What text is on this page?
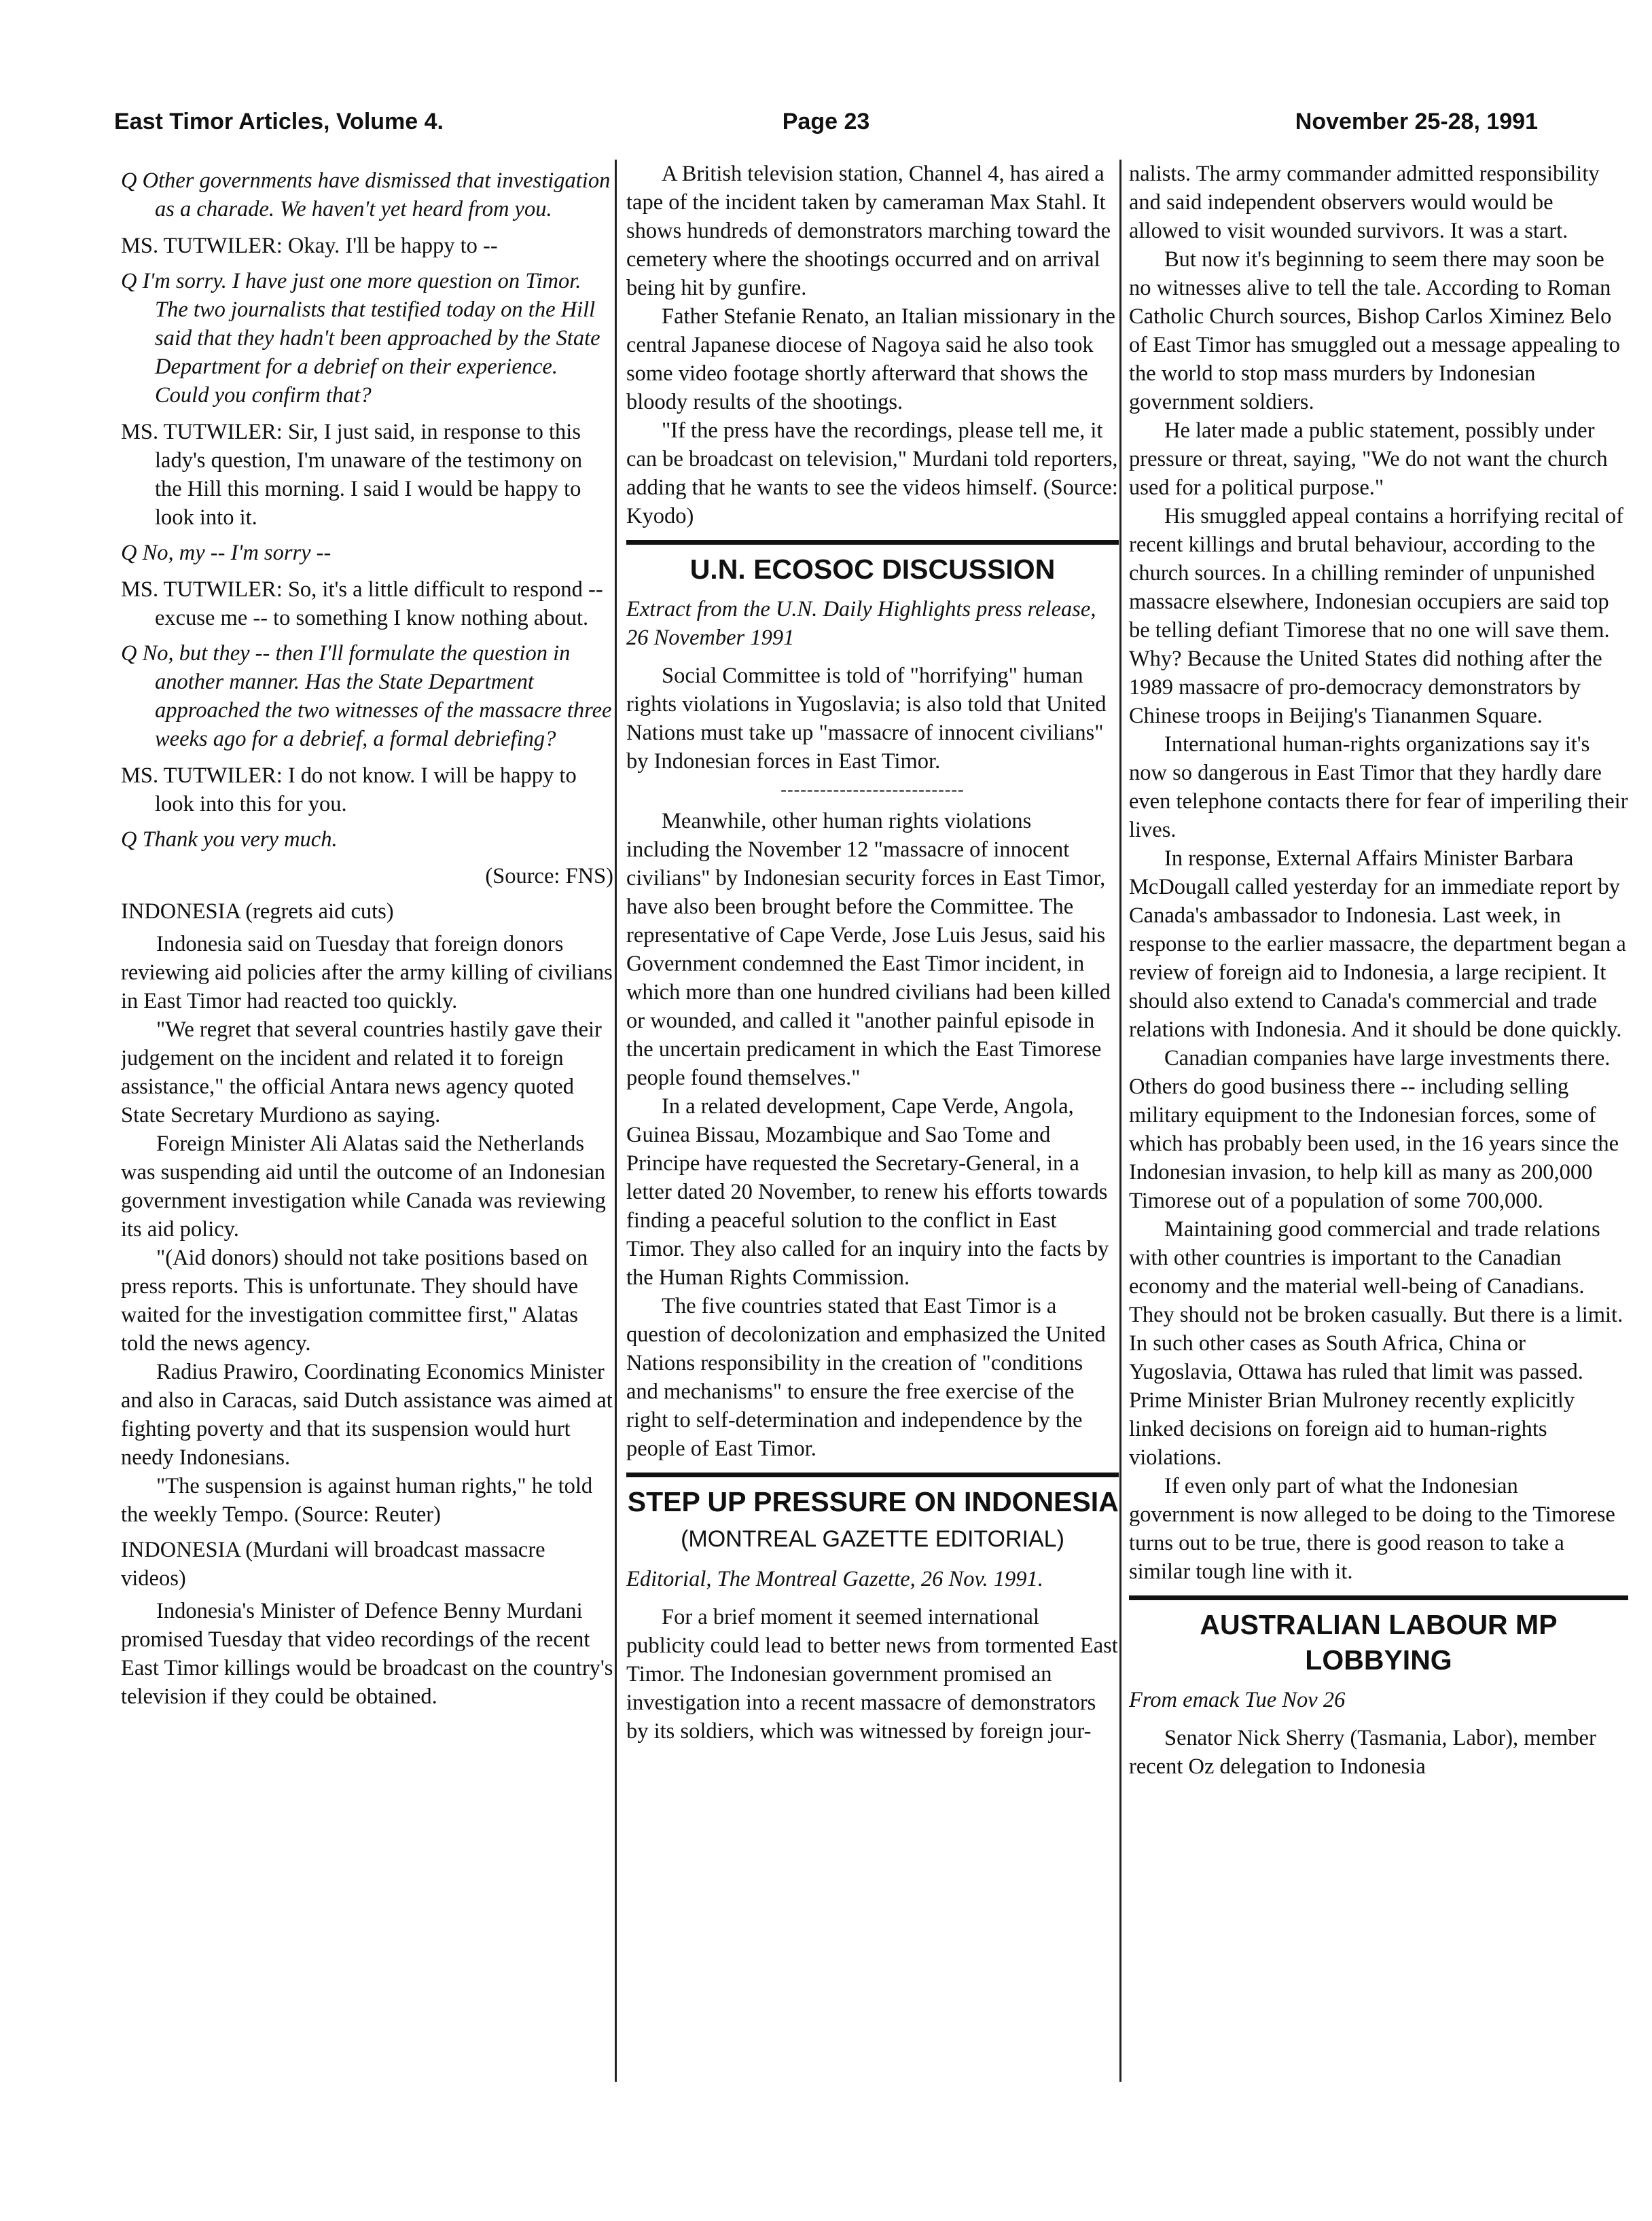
East Timor Articles, Volume 4.	Page 23	November 25-28, 1991

Q Other governments have dismissed that investigation as a charade. We haven't yet heard from you.

MS. TUTWILER: Okay. I'll be happy to --

Q I'm sorry. I have just one more question on Timor. The two journalists that testified today on the Hill said that they hadn't been approached by the State Department for a debrief on their experience. Could you confirm that?

MS. TUTWILER: Sir, I just said, in response to this lady's question, I'm unaware of the testimony on the Hill this morning. I said I would be happy to look into it.

Q No, my -- I'm sorry --

MS. TUTWILER: So, it's a little difficult to respond -- excuse me -- to something I know nothing about.

Q No, but they -- then I'll formulate the question in another manner. Has the State Department approached the two witnesses of the massacre three weeks ago for a debrief, a formal debriefing?

MS. TUTWILER: I do not know. I will be happy to look into this for you.

Q Thank you very much.

(Source: FNS)

INDONESIA (regrets aid cuts)

Indonesia said on Tuesday that foreign donors reviewing aid policies after the army killing of civilians in East Timor had reacted too quickly.

"We regret that several countries hastily gave their judgement on the incident and related it to foreign assistance," the official Antara news agency quoted State Secretary Murdiono as saying.

Foreign Minister Ali Alatas said the Netherlands was suspending aid until the outcome of an Indonesian government investigation while Canada was reviewing its aid policy.

"(Aid donors) should not take positions based on press reports. This is unfortunate. They should have waited for the investigation committee first," Alatas told the news agency.

Radius Prawiro, Coordinating Economics Minister and also in Caracas, said Dutch assistance was aimed at fighting poverty and that its suspension would hurt needy Indonesians.

"The suspension is against human rights," he told the weekly Tempo. (Source: Reuter)

INDONESIA (Murdani will broadcast massacre videos)

Indonesia's Minister of Defence Benny Murdani promised Tuesday that video recordings of the recent East Timor killings would be broadcast on the country's television if they could be obtained.

A British television station, Channel 4, has aired a tape of the incident taken by cameraman Max Stahl. It shows hundreds of demonstrators marching toward the cemetery where the shootings occurred and on arrival being hit by gunfire.

Father Stefanie Renato, an Italian missionary in the central Japanese diocese of Nagoya said he also took some video footage shortly afterward that shows the bloody results of the shootings.

"If the press have the recordings, please tell me, it can be broadcast on television," Murdani told reporters, adding that he wants to see the videos himself. (Source: Kyodo)

U.N. ECOSOC DISCUSSION

Extract from the U.N. Daily Highlights press release, 26 November 1991

Social Committee is told of "horrifying" human rights violations in Yugoslavia; is also told that United Nations must take up "massacre of innocent civilians" by Indonesian forces in East Timor.

----------------------------

Meanwhile, other human rights violations including the November 12 "massacre of innocent civilians" by Indonesian security forces in East Timor, have also been brought before the Committee. The representative of Cape Verde, Jose Luis Jesus, said his Government condemned the East Timor incident, in which more than one hundred civilians had been killed or wounded, and called it "another painful episode in the uncertain predicament in which the East Timorese people found themselves."

In a related development, Cape Verde, Angola, Guinea Bissau, Mozambique and Sao Tome and Principe have requested the Secretary-General, in a letter dated 20 November, to renew his efforts towards finding a peaceful solution to the conflict in East Timor. They also called for an inquiry into the facts by the Human Rights Commission.

The five countries stated that East Timor is a question of decolonization and emphasized the United Nations responsibility in the creation of "conditions and mechanisms" to ensure the free exercise of the right to self-determination and independence by the people of East Timor.

STEP UP PRESSURE ON INDONESIA (MONTREAL GAZETTE EDITORIAL)

Editorial, The Montreal Gazette, 26 Nov. 1991.

For a brief moment it seemed international publicity could lead to better news from tormented East Timor. The Indonesian government promised an investigation into a recent massacre of demonstrators by its soldiers, which was witnessed by foreign jour-

nalists. The army commander admitted responsibility and said independent observers would would be allowed to visit wounded survivors. It was a start.

But now it's beginning to seem there may soon be no witnesses alive to tell the tale. According to Roman Catholic Church sources, Bishop Carlos Ximinez Belo of East Timor has smuggled out a message appealing to the world to stop mass murders by Indonesian government soldiers.

He later made a public statement, possibly under pressure or threat, saying, "We do not want the church used for a political purpose."

His smuggled appeal contains a horrifying recital of recent killings and brutal behaviour, according to the church sources. In a chilling reminder of unpunished massacre elsewhere, Indonesian occupiers are said top be telling defiant Timorese that no one will save them. Why? Because the United States did nothing after the 1989 massacre of pro-democracy demonstrators by Chinese troops in Beijing's Tiananmen Square.

International human-rights organizations say it's now so dangerous in East Timor that they hardly dare even telephone contacts there for fear of imperiling their lives.

In response, External Affairs Minister Barbara McDougall called yesterday for an immediate report by Canada's ambassador to Indonesia. Last week, in response to the earlier massacre, the department began a review of foreign aid to Indonesia, a large recipient. It should also extend to Canada's commercial and trade relations with Indonesia. And it should be done quickly.

Canadian companies have large investments there. Others do good business there -- including selling military equipment to the Indonesian forces, some of which has probably been used, in the 16 years since the Indonesian invasion, to help kill as many as 200,000 Timorese out of a population of some 700,000.

Maintaining good commercial and trade relations with other countries is important to the Canadian economy and the material well-being of Canadians. They should not be broken casually. But there is a limit. In such other cases as South Africa, China or Yugoslavia, Ottawa has ruled that limit was passed. Prime Minister Brian Mulroney recently explicitly linked decisions on foreign aid to human-rights violations.

If even only part of what the Indonesian government is now alleged to be doing to the Timorese turns out to be true, there is good reason to take a similar tough line with it.

AUSTRALIAN LABOUR MP LOBBYING

From emack Tue Nov 26

Senator Nick Sherry (Tasmania, Labor), member recent Oz delegation to Indonesia
